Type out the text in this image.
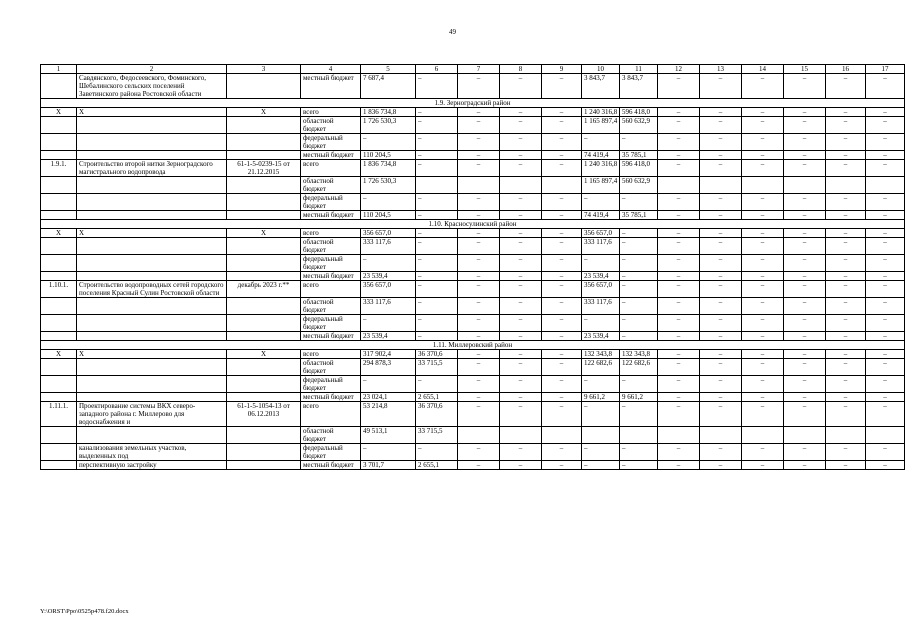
49
1	2	3	4	5	6	7	8	9	10	11	12	13	14	15	16	17
	Савдянского, Федосеевского, Фоминского, Шебалинского сельских поселений Заветинского района Ростовской области		местный бюджет	7 687,4	–	–	–	–	3 843,7	3 843,7	–	–	–	–	–	–
1.9. Зерноградский район																
Х	Х	Х	всего	1 836 734,8	–	–	–	–	1 240 316,8	596 418,0	–	–	–	–	–	–
			областной бюджет	1 726 530,3	–	–	–	–	1 165 897,4	560 632,9	–	–	–	–	–	–
			федеральный бюджет	–	–	–	–	–	–	–	–	–	–	–	–	–
			местный бюджет	110 204,5	–	–	–	–	74 419,4	35 785,1	–	–	–	–	–	–
1.9.1.	Строительство второй нитки Зерноградского магистрального водопровода	61-1-5-0239-15 от 21.12.2015	всего	1 836 734,8	–	–	–	–	1 240 316,8	596 418,0	–	–	–	–	–	–
			областной бюджет	1 726 530,3					1 165 897,4	560 632,9						
			федеральный бюджет	–	–	–	–	–	–	–	–	–	–	–	–	–
			местный бюджет	110 204,5	–	–	–	–	74 419,4	35 785,1	–	–	–	–	–	–
1.10. Красносулинский район																
Х	Х	Х	всего	356 657,0	–	–	–	–	356 657,0	–	–	–	–	–	–	–
			областной бюджет	333 117,6	–	–	–	–	333 117,6	–	–	–	–	–	–	–
			федеральный бюджет	–	–	–	–	–	–	–	–	–	–	–	–	–
			местный бюджет	23 539,4	–	–	–	–	23 539,4	–	–	–	–	–	–	–
1.10.1.	Строительство водопроводных сетей городского поселения Красный Сулин Ростовской области	декабрь 2023 г.**	всего	356 657,0	–	–	–	–	356 657,0	–	–	–	–	–	–	–
			областной бюджет	333 117,6	–	–	–	–	333 117,6	–	–	–	–	–	–	–
			федеральный бюджет	–	–	–	–	–	–	–	–	–	–	–	–	–
			местный бюджет	23 539,4	–	–	–	–	23 539,4	–	–	–	–	–	–	–
1.11. Миллеровский район																
Х	Х	Х	всего	317 902,4	36 370,6	–	–	–	132 343,8	132 343,8	–	–	–	–	–	–
			областной бюджет	294 878,3	33 715,5	–	–	–	122 682,6	122 682,6	–	–	–	–	–	–
			федеральный бюджет	–	–	–	–	–	–	–	–	–	–	–	–	–
			местный бюджет	23 024,1	2 655,1	–	–	–	9 661,2	9 661,2	–	–	–	–	–	–
1.11.1.	Проектирование системы ВКХ северо-западного района г. Миллерово для водоснабжения и	61-1-5-1054-13 от 06.12.2013	всего	53 214,8	36 370,6	–	–	–	–	–	–	–	–	–	–	–
			областной бюджет	49 513,1	33 715,5											
	канализования земельных участков, выделенных под		федеральный бюджет	–	–	–	–	–	–	–	–	–	–	–	–	–
	перспективную застройку		местный бюджет	3 701,7	2 655,1	–	–	–	–	–	–	–	–	–	–	–
Y:\ORST\Ppo\0525p478.f20.docx
